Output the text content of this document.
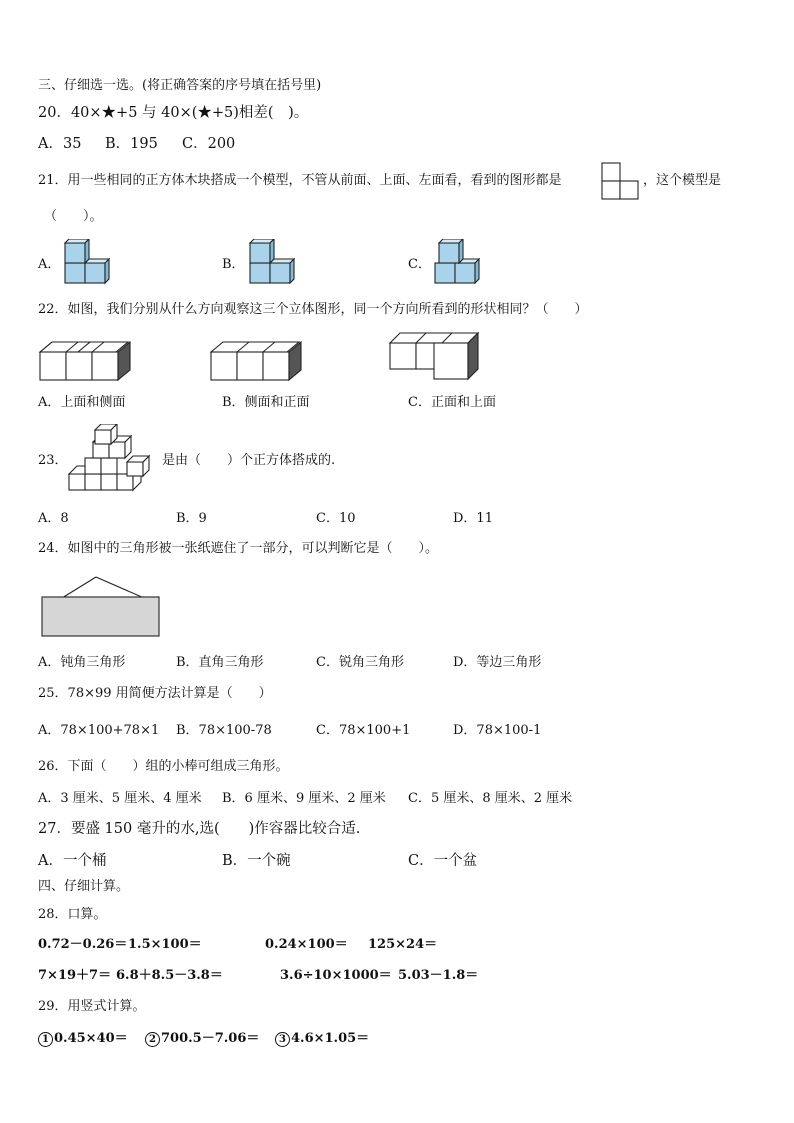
三、仔细选一选。(将正确答案的序号填在括号里)
20．40×★+5 与 40×(★+5)相差(　)。
A．35 B．195 C．200
21．用一些相同的正方体木块搭成一个模型，不管从前面、上面、左面看，看到的图形都是	，这个模型是
（　　）。
A．	B．	C．
22．如图，我们分别从什么方向观察这三个立体图形，同一个方向所看到的形状相同？（　　）
A．上面和侧面	B．侧面和正面	C．正面和上面
23．	是由（　　）个正方体搭成的.
A．8	B．9	C．10	D．11
24．如图中的三角形被一张纸遮住了一部分，可以判断它是（　　）。
A．钝角三角形	B．直角三角形	C．锐角三角形	D．等边三角形
25．78×99 用简便方法计算是（　　）
A．78×100+78×1 B．78×100-78	C．78×100+1	D．78×100-1
26．下面（　　）组的小棒可组成三角形。
A．3 厘米、5 厘米、4 厘米 B．6 厘米、9 厘米、2 厘米 C．5 厘米、8 厘米、2 厘米
27．要盛 150 毫升的水,选(　　)作容器比较合适.
A．一个桶	B．一个碗	C．一个盆
四、仔细计算。
28．口算。
0.72－0.26＝ 1.5×100＝	0.24×100＝ 125×24＝
7×19＋7＝ 6.8＋8.5－3.8＝	3.6÷10×1000＝ 5.03－1.8＝
29．用竖式计算。
1 0.45×40＝	2 700.5－7.06＝	3 4.6×1.05＝
